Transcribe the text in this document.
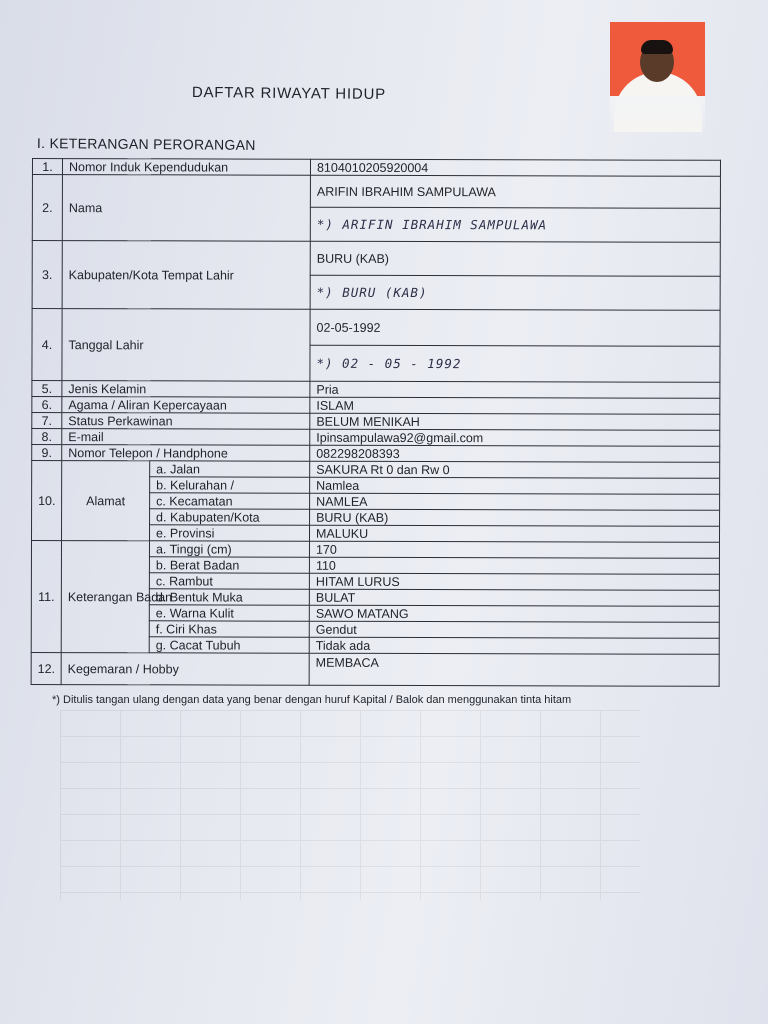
DAFTAR RIWAYAT HIDUP
I. KETERANGAN PERORANGAN
1.	Nomor Induk Kependudukan		8104010205920004
2.	Nama		ARIFIN IBRAHIM SAMPULAWA
			*) ARIFIN IBRAHIM SAMPULAWA
3.	Kabupaten/Kota Tempat Lahir		BURU (KAB)
			*) BURU (KAB)
4.	Tanggal Lahir		02-05-1992
			*) 02 - 05 - 1992
5.	Jenis Kelamin		Pria
6.	Agama / Aliran Kepercayaan		ISLAM
7.	Status Perkawinan		BELUM MENIKAH
8.	E-mail		Ipinsampulawa92@gmail.com
9.	Nomor Telepon / Handphone		082298208393
10.	Alamat	a. Jalan	SAKURA Rt 0 dan Rw 0
		b. Kelurahan /	Namlea
		c. Kecamatan	NAMLEA
		d. Kabupaten/Kota	BURU (KAB)
		e. Provinsi	MALUKU
11.	Keterangan Badan	a. Tinggi (cm)	170
		b. Berat Badan	110
		c. Rambut	HITAM LURUS
		d. Bentuk Muka	BULAT
		e. Warna Kulit	SAWO MATANG
		f. Ciri Khas	Gendut
		g. Cacat Tubuh	Tidak ada
12.	Kegemaran / Hobby		MEMBACA
*) Ditulis tangan ulang dengan data yang benar dengan huruf Kapital / Balok dan menggunakan tinta hitam
